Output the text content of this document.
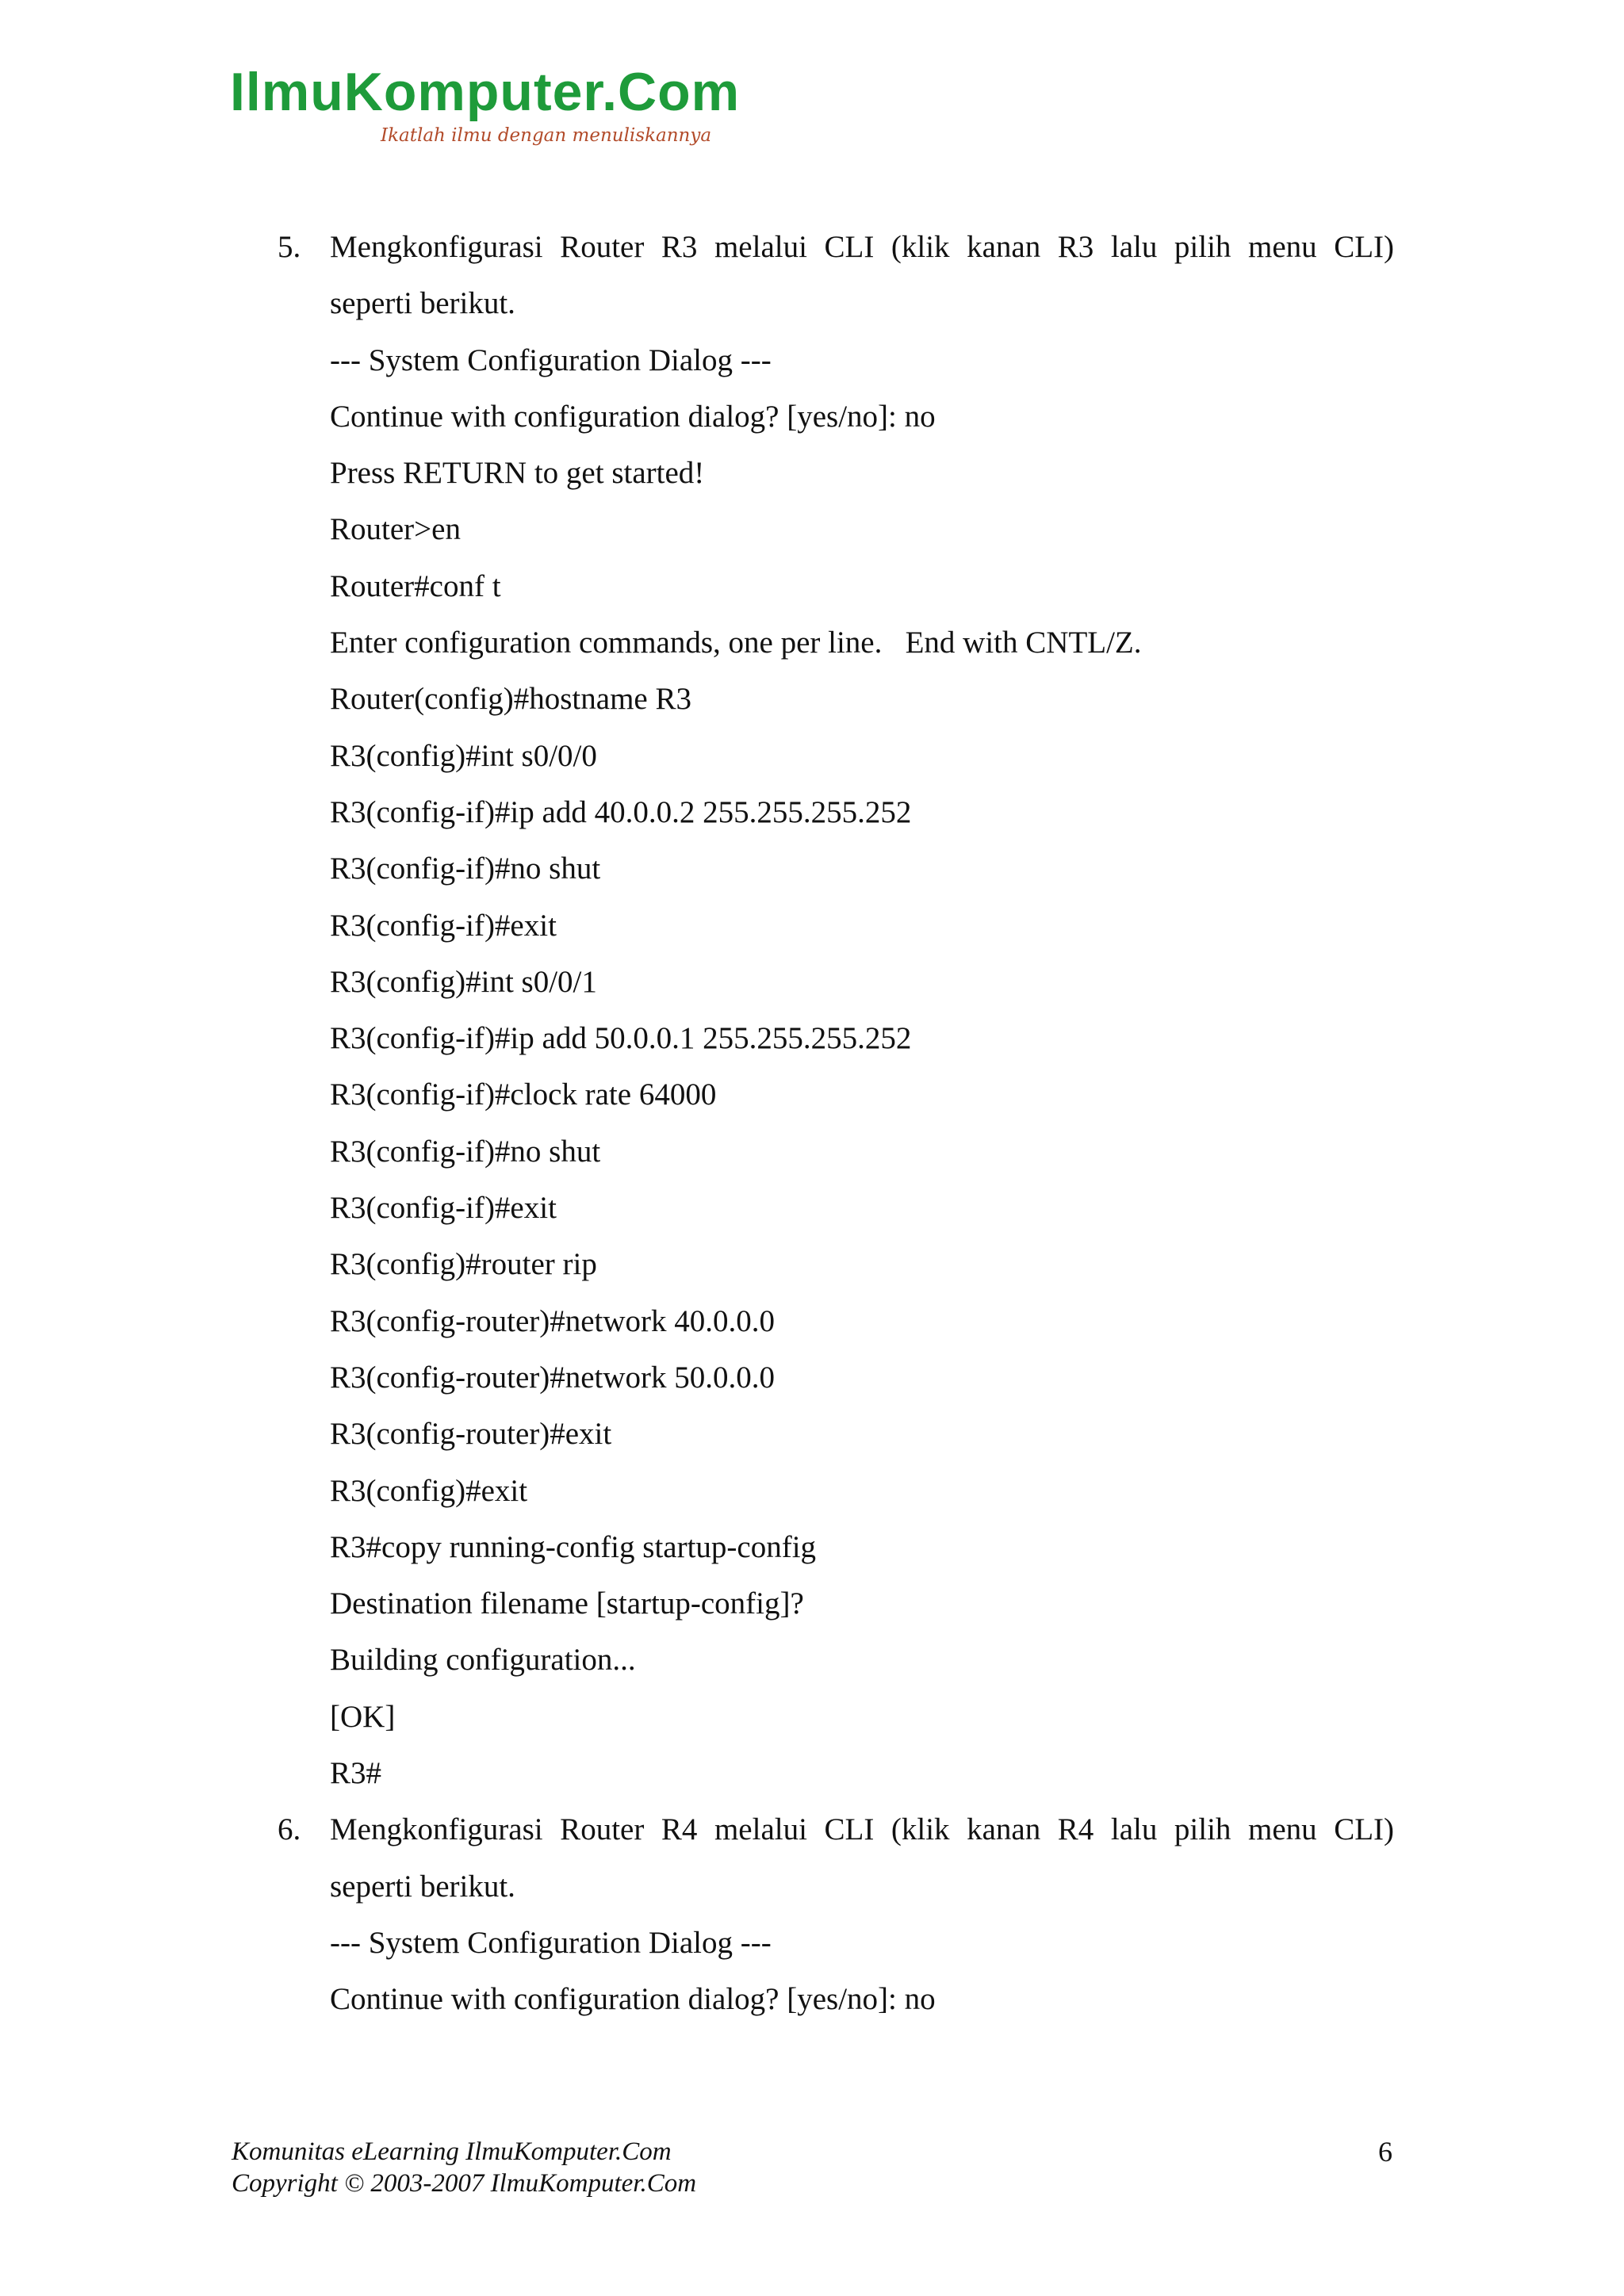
IlmuKomputer.Com
Ikatlah ilmu dengan menuliskannya
5. Mengkonfigurasi Router R3 melalui CLI (klik kanan R3 lalu pilih menu CLI)
seperti berikut.
--- System Configuration Dialog ---
Continue with configuration dialog? [yes/no]: no
Press RETURN to get started!
Router>en
Router#conf t
Enter configuration commands, one per line.   End with CNTL/Z.
Router(config)#hostname R3
R3(config)#int s0/0/0
R3(config-if)#ip add 40.0.0.2 255.255.255.252
R3(config-if)#no shut
R3(config-if)#exit
R3(config)#int s0/0/1
R3(config-if)#ip add 50.0.0.1 255.255.255.252
R3(config-if)#clock rate 64000
R3(config-if)#no shut
R3(config-if)#exit
R3(config)#router rip
R3(config-router)#network 40.0.0.0
R3(config-router)#network 50.0.0.0
R3(config-router)#exit
R3(config)#exit
R3#copy running-config startup-config
Destination filename [startup-config]?
Building configuration...
[OK]
R3#
6. Mengkonfigurasi Router R4 melalui CLI (klik kanan R4 lalu pilih menu CLI)
seperti berikut.
--- System Configuration Dialog ---
Continue with configuration dialog? [yes/no]: no
Komunitas eLearning IlmuKomputer.Com
Copyright © 2003-2007 IlmuKomputer.Com
6
